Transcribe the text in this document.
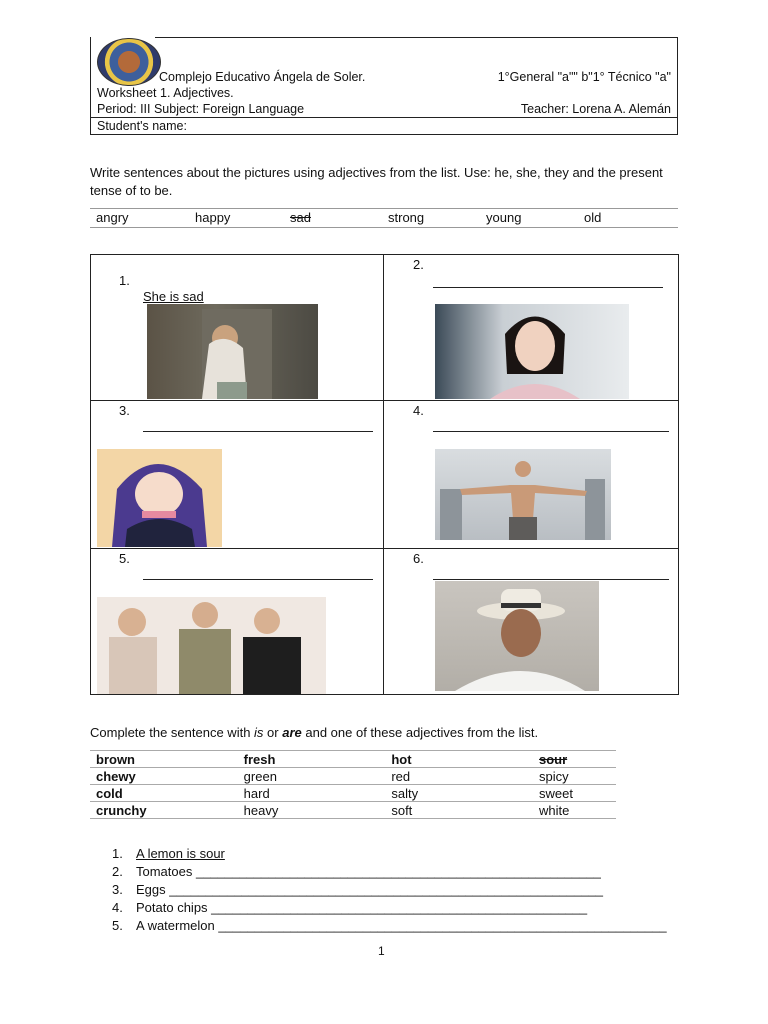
Complejo Educativo Ángela de Soler.	1°General "a"" b"1° Técnico "a"
Worksheet 1. Adjectives.
Period: III Subject: Foreign Language	Teacher: Lorena A. Alemán
Student's name:
Write sentences about the pictures using adjectives from the list. Use: he, she, they and the present tense of to be.
angry	happy	sad	strong	young	old
1.
She is sad
2.
3.	4.
5.	6.
Complete the sentence with is or are and one of these adjectives from the list.
brown	fresh	hot	sour
chewy	green	red	spicy
cold	hard	salty	sweet
crunchy	heavy	soft	white
1.	A lemon is sour
2.	Tomatoes ________________________________________________________
3.	Eggs ____________________________________________________________
4.	Potato chips ____________________________________________________
5.	A watermelon ______________________________________________________________
1
